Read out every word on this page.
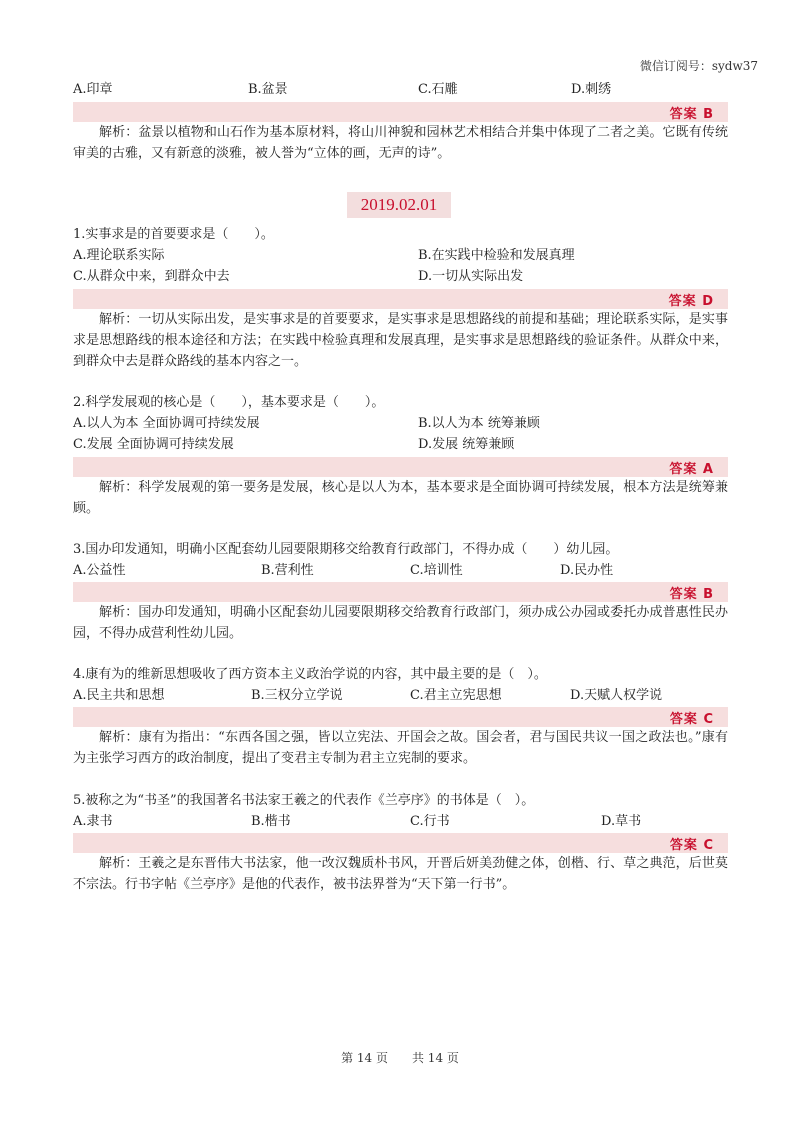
微信订阅号：sydw37
A.印章	B.盆景	C.石雕	D.刺绣
答案 B
解析：盆景以植物和山石作为基本原材料，将山川神貌和园林艺术相结合并集中体现了二者之美。它既有传统审美的古雅，又有新意的淡雅，被人誉为“立体的画，无声的诗”。
2019.02.01
1.实事求是的首要要求是（　　）。
A.理论联系实际	B.在实践中检验和发展真理
C.从群众中来，到群众中去	D.一切从实际出发
答案 D
解析：一切从实际出发，是实事求是的首要要求，是实事求是思想路线的前提和基础；理论联系实际，是实事求是思想路线的根本途径和方法；在实践中检验真理和发展真理，是实事求是思想路线的验证条件。从群众中来，到群众中去是群众路线的基本内容之一。
2.科学发展观的核心是（　　），基本要求是（　　）。
A.以人为本 全面协调可持续发展	B.以人为本 统筹兼顾
C.发展 全面协调可持续发展	D.发展 统筹兼顾
答案 A
解析：科学发展观的第一要务是发展，核心是以人为本，基本要求是全面协调可持续发展，根本方法是统筹兼顾。
3.国办印发通知，明确小区配套幼儿园要限期移交给教育行政部门，不得办成（　　）幼儿园。
A.公益性	B.营利性	C.培训性	D.民办性
答案 B
解析：国办印发通知，明确小区配套幼儿园要限期移交给教育行政部门，须办成公办园或委托办成普惠性民办园，不得办成营利性幼儿园。
4.康有为的维新思想吸收了西方资本主义政治学说的内容，其中最主要的是（　）。
A.民主共和思想	B.三权分立学说	C.君主立宪思想	D.天赋人权学说
答案 C
解析：康有为指出：“东西各国之强，皆以立宪法、开国会之故。国会者，君与国民共议一国之政法也。”康有为主张学习西方的政治制度，提出了变君主专制为君主立宪制的要求。
5.被称之为“书圣”的我国著名书法家王羲之的代表作《兰亭序》的书体是（　）。
A.隶书	B.楷书	C.行书	D.草书
答案 C
解析：王羲之是东晋伟大书法家，他一改汉魏质朴书风，开晋后妍美劲健之体，创楷、行、草之典范，后世莫不宗法。行书字帖《兰亭序》是他的代表作，被书法界誉为“天下第一行书”。
第 14 页　　共 14 页
